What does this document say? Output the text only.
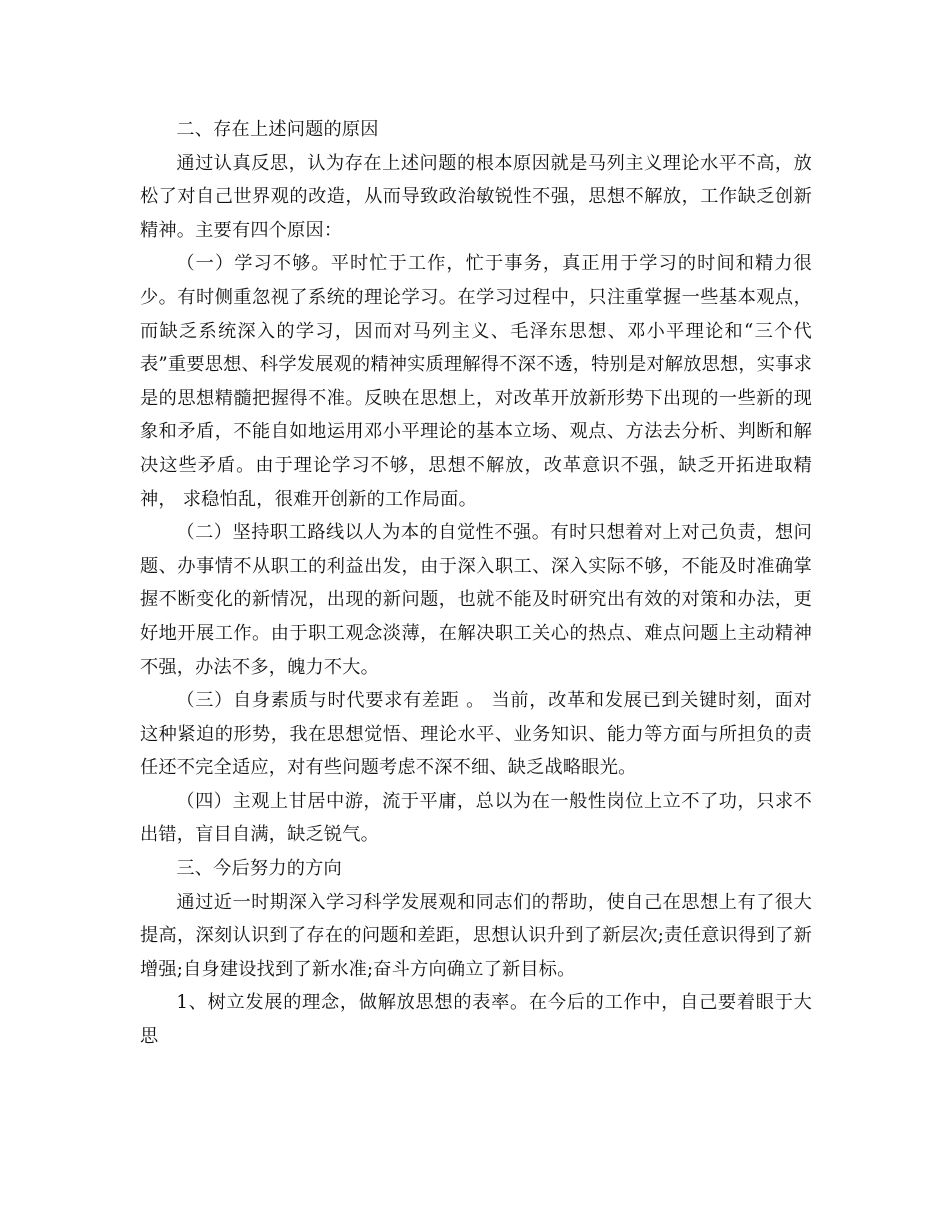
二、存在上述问题的原因

通过认真反思，认为存在上述问题的根本原因就是马列主义理论水平不高，放松了对自己世界观的改造，从而导致政治敏锐性不强，思想不解放，工作缺乏创新精神。主要有四个原因：

（一）学习不够。平时忙于工作，忙于事务，真正用于学习的时间和精力很少。有时侧重忽视了系统的理论学习。在学习过程中，只注重掌握一些基本观点，而缺乏系统深入的学习，因而对马列主义、毛泽东思想、邓小平理论和“三个代表”重要思想、科学发展观的精神实质理解得不深不透，特别是对解放思想，实事求是的思想精髓把握得不准。反映在思想上，对改革开放新形势下出现的一些新的现象和矛盾，不能自如地运用邓小平理论的基本立场、观点、方法去分析、判断和解决这些矛盾。由于理论学习不够，思想不解放，改革意识不强，缺乏开拓进取精神， 求稳怕乱，很难开创新的工作局面。

（二）坚持职工路线以人为本的自觉性不强。有时只想着对上对己负责，想问题、办事情不从职工的利益出发，由于深入职工、深入实际不够，不能及时准确掌握不断变化的新情况，出现的新问题，也就不能及时研究出有效的对策和办法，更好地开展工作。由于职工观念淡薄，在解决职工关心的热点、难点问题上主动精神不强，办法不多，魄力不大。

（三）自身素质与时代要求有差距 。 当前，改革和发展已到关键时刻，面对这种紧迫的形势，我在思想觉悟、理论水平、业务知识、能力等方面与所担负的责任还不完全适应，对有些问题考虑不深不细、缺乏战略眼光。

（四）主观上甘居中游，流于平庸，总以为在一般性岗位上立不了功，只求不出错，盲目自满，缺乏锐气。

三、今后努力的方向

通过近一时期深入学习科学发展观和同志们的帮助，使自己在思想上有了很大提高，深刻认识到了存在的问题和差距，思想认识升到了新层次;责任意识得到了新增强;自身建设找到了新水准;奋斗方向确立了新目标。

1、树立发展的理念，做解放思想的表率。在今后的工作中，自己要着眼于大思
